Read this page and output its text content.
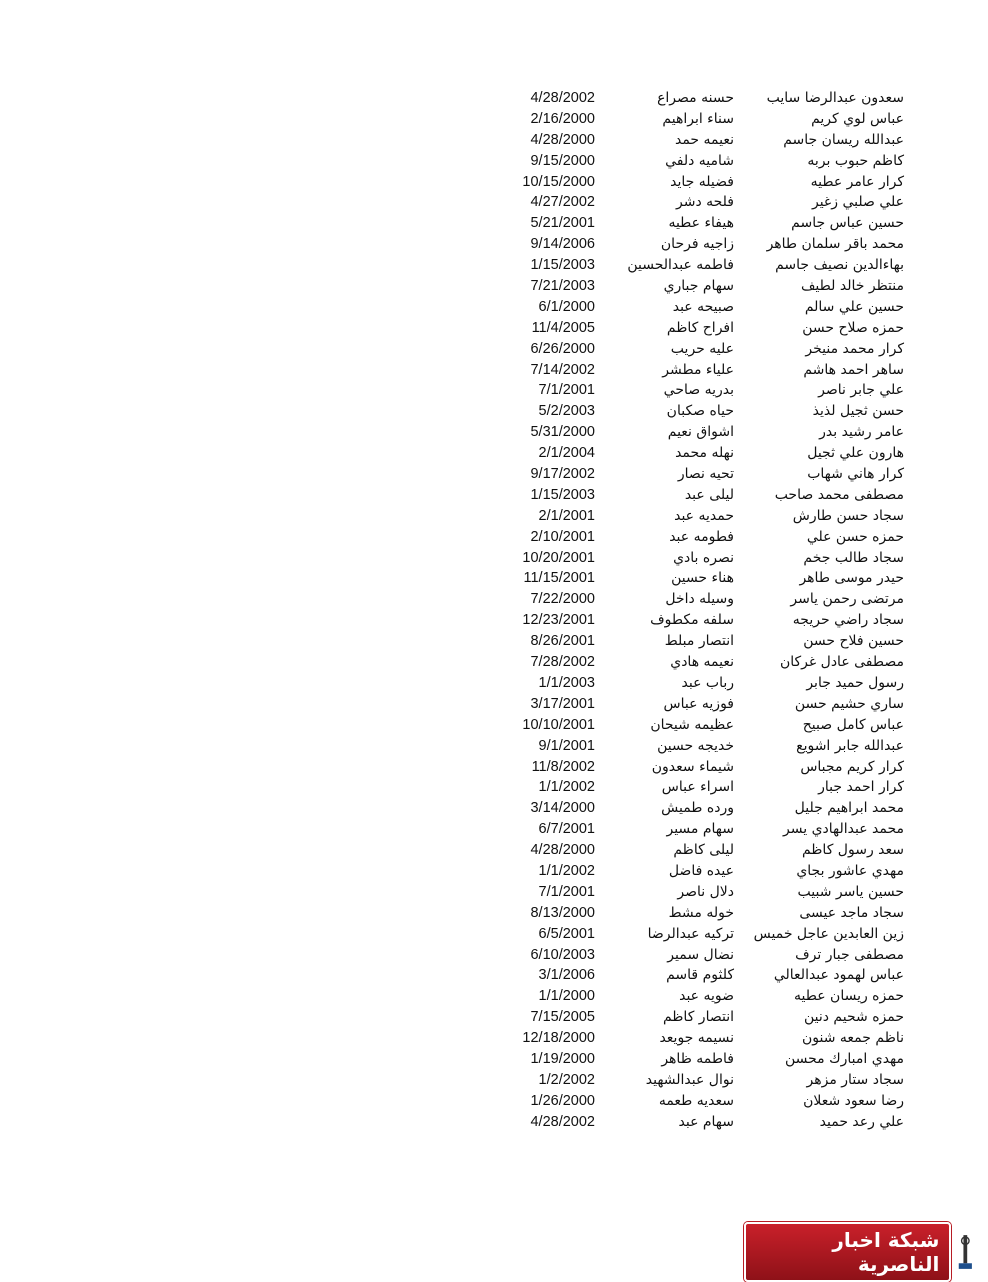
سعدون عبدالرضا سايب
حسنه مصراع
4/28/2002
عباس لوي كريم
سناء ابراهيم
2/16/2000
عبدالله ريسان جاسم
نعيمه حمد
4/28/2000
كاظم حبوب بربه
شاميه دلفي
9/15/2000
كرار عامر عطيه
فضيله جايد
10/15/2000
علي صلبي زغير
فلحه دشر
4/27/2002
حسين عباس جاسم
هيفاء عطيه
5/21/2001
محمد باقر سلمان طاهر
زاجيه فرحان
9/14/2006
بهاءالدين نصيف جاسم
فاطمه عبدالحسين
1/15/2003
منتظر خالد لطيف
سهام جباري
7/21/2003
حسين علي سالم
صبيحه عبد
6/1/2000
حمزه صلاح حسن
افراح كاظم
11/4/2005
كرار محمد منيخر
عليه حريب
6/26/2000
ساهر احمد هاشم
علياء مطشر
7/14/2002
علي جابر ناصر
بدريه صاحي
7/1/2001
حسن ثجيل لذيذ
حياه صكبان
5/2/2003
عامر رشيد بدر
اشواق نعيم
5/31/2000
هارون علي ثجيل
نهله محمد
2/1/2004
كرار هاني شهاب
تحيه نصار
9/17/2002
مصطفى محمد صاحب
ليلى عبد
1/15/2003
سجاد حسن طارش
حمديه عبد
2/1/2001
حمزه حسن علي
فطومه عبد
2/10/2001
سجاد طالب جخم
نصره بادي
10/20/2001
حيدر موسى طاهر
هناء حسين
11/15/2001
مرتضى رحمن ياسر
وسيله داخل
7/22/2000
سجاد راضي حريجه
سلفه مكطوف
12/23/2001
حسين فلاح حسن
انتصار مبلط
8/26/2001
مصطفى عادل غركان
نعيمه هادي
7/28/2002
رسول حميد جابر
رباب عبد
1/1/2003
ساري حشيم حسن
فوزيه عباس
3/17/2001
عباس كامل صبيح
عظيمه شيحان
10/10/2001
عبدالله جابر اشويع
خديجه حسين
9/1/2001
كرار كريم مجباس
شيماء سعدون
11/8/2002
كرار احمد جبار
اسراء عباس
1/1/2002
محمد ابراهيم جليل
ورده طميش
3/14/2000
محمد عبدالهادي يسر
سهام مسير
6/7/2001
سعد رسول كاظم
ليلى كاظم
4/28/2000
مهدي عاشور بجاي
عيده فاضل
1/1/2002
حسين ياسر شبيب
دلال ناصر
7/1/2001
سجاد ماجد عيسى
خوله مشط
8/13/2000
زين العابدين عاجل خميس
تركيه عبدالرضا
6/5/2001
مصطفى جبار ترف
نضال سمير
6/10/2003
عباس لهمود عبدالعالي
كلثوم قاسم
3/1/2006
حمزه ريسان عطيه
ضويه عبد
1/1/2000
حمزه شحيم دنين
انتصار كاظم
7/15/2005
ناظم جمعه شنون
نسيمه جويعد
12/18/2000
مهدي امبارك محسن
فاطمه ظاهر
1/19/2000
سجاد ستار مزهر
نوال عبدالشهيد
1/2/2002
رضا سعود شعلان
سعديه طعمه
1/26/2000
علي رعد حميد
سهام عبد
4/28/2002
شبكة اخبار الناصرية
